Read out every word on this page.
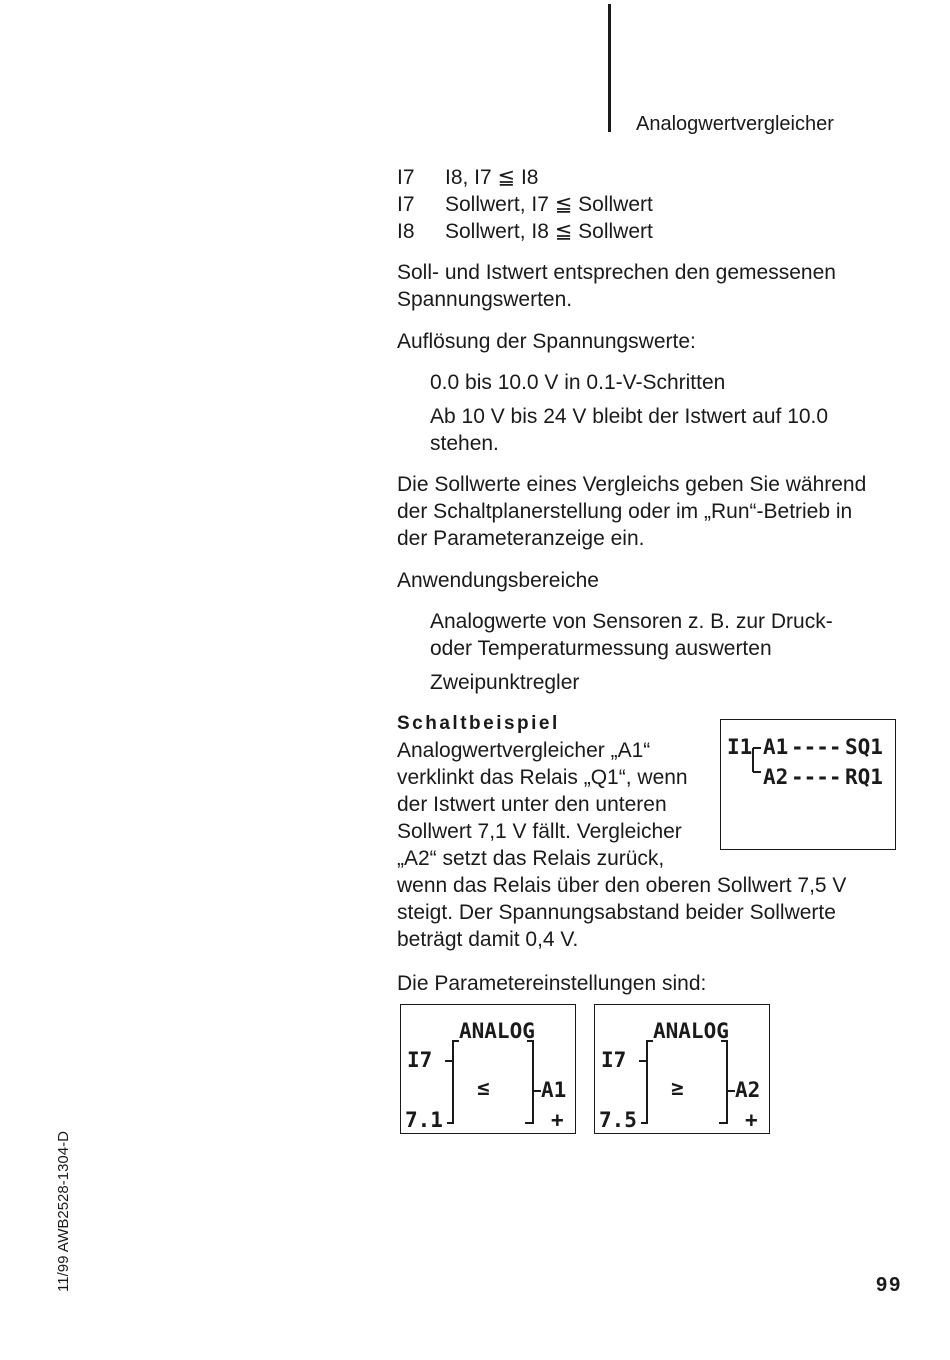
Analogwertvergleicher
I7 I8, I7 ≦ I8
I7 Sollwert, I7 ≦ Sollwert
I8 Sollwert, I8 ≦ Sollwert
Soll- und Istwert entsprechen den gemessenen
Spannungswerten.
Auflösung der Spannungswerte:
0.0 bis 10.0 V in 0.1-V-Schritten
Ab 10 V bis 24 V bleibt der Istwert auf 10.0
stehen.
Die Sollwerte eines Vergleichs geben Sie während
der Schaltplanerstellung oder im „Run“-Betrieb in
der Parameteranzeige ein.
Anwendungsbereiche
Analogwerte von Sensoren z. B. zur Druck-
oder Temperaturmessung auswerten
Zweipunktregler
Schaltbeispiel
Analogwertvergleicher „A1“
verklinkt das Relais „Q1“, wenn
der Istwert unter den unteren
Sollwert 7,1 V fällt. Vergleicher
„A2“ setzt das Relais zurück,
wenn das Relais über den oberen Sollwert 7,5 V
steigt. Der Spannungsabstand beider Sollwerte
beträgt damit 0,4 V.
I1 A1 ---- SQ1
A2 ---- RQ1
Die Parametereinstellungen sind:
ANALOG
I7
≤ A1
7.1	+
ANALOG
I7
≥ A2
7.5	+
11/99 AWB2528-1304-D	99
